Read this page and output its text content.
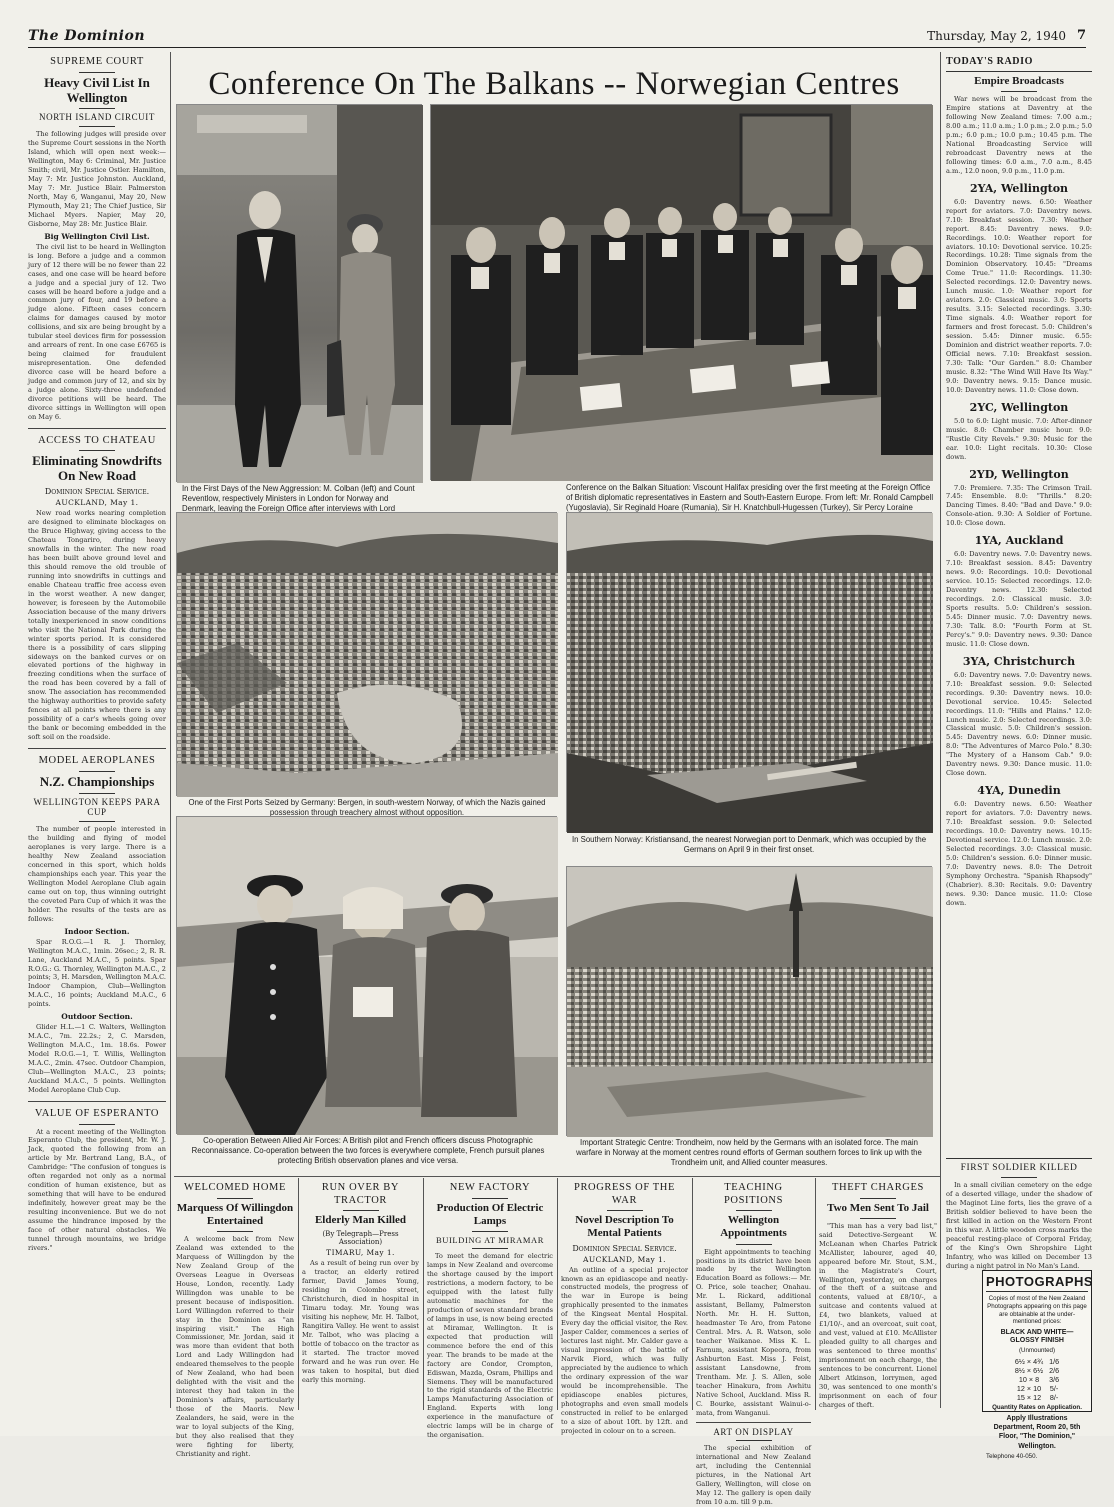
The Dominion	Thursday, May 2, 1940 7
SUPREME COURT
Heavy Civil List In Wellington
NORTH ISLAND CIRCUIT

The following judges will preside over the Supreme Court sessions in the North Island, which will open next week:— Wellington, May 6: Criminal, Mr. Justice Smith; civil, Mr. Justice Ostler. Hamilton, May 7: Mr. Justice Johnston. Auckland, May 7: Mr. Justice Blair. Palmerston North, May 6, Wanganui, May 20, New Plymouth, May 21; The Chief Justice, Sir Michael Myers. Napier, May 20, Gisborne, May 28: Mr. Justice Blair.

Big Wellington Civil List.

The civil list to be heard in Wellington is long. Before a judge and a common jury of 12 there will be no fewer than 22 cases, and one case will be heard before a judge and a special jury of 12. Two cases will be heard before a judge and a common jury of four, and 19 before a judge alone. Fifteen cases concern claims for damages caused by motor collisions, and six are being brought by a tubular steel devices firm for possession and arrears of rent. In one case £6765 is being claimed for fraudulent misrepresentation. One defended divorce case will be heard before a judge and common jury of 12, and six by a judge alone. Sixty-three undefended divorce petitions will be heard. The divorce sittings in Wellington will open on May 6.

ACCESS TO CHATEAU
Eliminating Snowdrifts On New Road
Dominion Special Service.
AUCKLAND, May 1.

New road works nearing completion are designed to eliminate blockages on the Bruce Highway, giving access to the Chateau Tongariro, during heavy snowfalls in the winter. The new road has been built above ground level and this should remove the old trouble of running into snowdrifts in cuttings and enable Chateau traffic free access even in the worst weather. A new danger, however, is foreseen by the Automobile Association because of the many drivers totally inexperienced in snow conditions who visit the National Park during the winter sports period. It is considered there is a possibility of cars slipping sideways on the banked curves or on elevated portions of the highway in freezing conditions when the surface of the road has been covered by a fall of snow. The association has recommended the highway authorities to provide safety fences at all points where there is any possibility of a car's wheels going over the bank or becoming embedded in the soft soil on the roadside.

MODEL AEROPLANES
N.Z. Championships
WELLINGTON KEEPS PARA CUP

The number of people interested in the building and flying of model aeroplanes is very large. There is a healthy New Zealand association concerned in this sport, which holds championships each year. This year the Wellington Model Aeroplane Club again came out on top, thus winning outright the coveted Para Cup of which it was the holder. The results of the tests are as follows:

Indoor Section.

Spar R.O.G.—1 R. J. Thornley, Wellington M.A.C., 1min. 26sec.; 2, R. R. Lane, Auckland M.A.C., 5 points. Spar R.O.G.: G. Thornley, Wellington M.A.C., 2 points; 3, H. Marsden, Wellington M.A.C. Indoor Champion, Club—Wellington M.A.C., 16 points; Auckland M.A.C., 6 points.

Outdoor Section.

Glider H.L.—1 C. Walters, Wellington M.A.C., 7m. 22.2s.; 2, C. Marsden, Wellington M.A.C., 1m. 18.6s. Power Model R.O.G.—1, T. Willis, Wellington M.A.C., 2min. 47sec. Outdoor Champion, Club—Wellington M.A.C., 23 points; Auckland M.A.C., 5 points. Wellington Model Aeroplane Club Cup.

VALUE OF ESPERANTO

At a recent meeting of the Wellington Esperanto Club, the president, Mr. W. J. Jack, quoted the following from an article by Mr. Bertrand Lang, B.A., of Cambridge: "The confusion of tongues is often regarded not only as a normal condition of human existence, but as something that will have to be endured indefinitely, however great may be the resulting inconvenience. But we do not assume the hindrance imposed by the face of other natural obstacles. We tunnel through mountains, we bridge rivers."

Conference On The Balkans -- Norwegian Centres
In the First Days of the New Aggression: M. Colban (left) and Count Reventlow, respectively Ministers in London for Norway and Denmark, leaving the Foreign Office after interviews with Lord
Conference on the Balkan Situation: Viscount Halifax presiding over the first meeting at the Foreign Office of British diplomatic representatives in Eastern and South-Eastern Europe. From left: Mr. Ronald Campbell (Yugoslavia), Sir Reginald Hoare (Rumania), Sir H. Knatchbull-Hugessen (Turkey), Sir Percy Loraine
One of the First Ports Seized by Germany: Bergen, in south-western Norway, of which the Nazis gained possession through treachery almost without opposition.
In Southern Norway: Kristiansand, the nearest Norwegian port to Denmark, which was occupied by the Germans on April 9 in their first onset.
Co-operation Between Allied Air Forces: A British pilot and French officers discuss Photographic Reconnaissance. Co-operation between the two forces is everywhere complete, French pursuit planes protecting British observation planes and vice versa.
Important Strategic Centre: Trondheim, now held by the Germans with an isolated force. The main warfare in Norway at the moment centres round efforts of German southern forces to link up with the Trondheim unit, and Allied counter measures.
WELCOMED HOME
Marquess Of Willingdon Entertained

A welcome back from New Zealand was extended to the Marquess of Willingdon by the New Zealand Group of the Overseas League in Overseas House, London, recently. Lady Willingdon was unable to be present because of indisposition. Lord Willingdon referred to their stay in the Dominion as "an inspiring visit." The High Commissioner, Mr. Jordan, said it was more than evident that both Lord and Lady Willingdon had endeared themselves to the people of New Zealand, who had been delighted with the visit and the interest they had taken in the Dominion's affairs, particularly those of the Maoris. New Zealanders, he said, were in the war to loyal subjects of the King, but they also realised that they were fighting for liberty, Christianity and right.

RUN OVER BY TRACTOR
Elderly Man Killed
(By Telegraph—Press Association)
TIMARU, May 1.

As a result of being run over by a tractor, an elderly retired farmer, David James Young, residing in Colombo street, Christchurch, died in hospital in Timaru today. Mr. Young was visiting his nephew, Mr. H. Talbot, Rangitira Valley. He went to assist Mr. Talbot, who was placing a bottle of tobacco on the tractor as it started. The tractor moved forward and he was run over. He was taken to hospital, but died early this morning.

NEW FACTORY
Production Of Electric Lamps
BUILDING AT MIRAMAR

To meet the demand for electric lamps in New Zealand and overcome the shortage caused by the import restrictions, a modern factory, to be equipped with the latest fully automatic machines for the production of seven standard brands of lamps in use, is now being erected at Miramar, Wellington. It is expected that production will commence before the end of this year. The brands to be made at the factory are Condor, Crompton, Ediswan, Mazda, Osram, Phillips and Siemens. They will be manufactured to the rigid standards of the Electric Lamps Manufacturing Association of England. Experts with long experience in the manufacture of electric lamps will be in charge of the organisation.

PROGRESS OF THE WAR
Novel Description To Mental Patients
Dominion Special Service.
AUCKLAND, May 1.

An outline of a special projector known as an epidiascope and neatly-constructed models, the progress of the war in Europe is being graphically presented to the inmates of the Kingseat Mental Hospital. Every day the official visitor, the Rev. Jasper Calder, commences a series of lectures last night. Mr. Calder gave a visual impression of the battle of Narvik Fiord, which was fully appreciated by the audience to which the ordinary expression of the war would be incomprehensible. The epidiascope enables pictures, photographs and even small models constructed in relief to be enlarged to a size of about 10ft. by 12ft. and projected in colour on to a screen.

TEACHING POSITIONS
Wellington Appointments

Eight appointments to teaching positions in its district have been made by the Wellington Education Board as follows:— Mr. O. Price, sole teacher, Onahau. Mr. L. Rickard, additional assistant, Bellamy, Palmerston North. Mr. H. H. Sutton, headmaster Te Aro, from Patone Central. Mrs. A. R. Watson, sole teacher Waikanae. Miss K. L. Farnum, assistant Kopeora, from Ashburton East. Miss J. Feist, assistant Lansdowne, from Trentham. Mr. J. S. Allen, sole teacher Hinakura, from Awhitu Native School, Auckland. Miss R. C. Bourke, assistant Wainui-o-mata, from Wanganui.

ART ON DISPLAY

The special exhibition of international and New Zealand art, including the Centennial pictures, in the National Art Gallery, Wellington, will close on May 12. The gallery is open daily from 10 a.m. till 9 p.m.

THEFT CHARGES
Two Men Sent To Jail

"This man has a very bad list," said Detective-Sergeant W. McLeanan when Charles Patrick McAllister, labourer, aged 40, appeared before Mr. Stout, S.M., in the Magistrate's Court, Wellington, yesterday, on charges of the theft of a suitcase and contents, valued at £8/10/-, a suitcase and contents valued at £4, two blankets, valued at £1/10/-, and an overcoat, suit coat, and vest, valued at £10. McAllister pleaded guilty to all charges and was sentenced to three months' imprisonment on each charge, the sentences to be concurrent. Lionel Albert Atkinson, lorrymen, aged 30, was sentenced to one month's imprisonment on each of four charges of theft.

TODAY'S RADIO
Empire Broadcasts

War news will be broadcast from the Empire stations at Daventry at the following New Zealand times: 7.00 a.m.; 8.00 a.m.; 11.0 a.m.; 1.0 p.m.; 2.0 p.m.; 5.0 p.m.; 6.0 p.m.; 10.0 p.m.; 10.45 p.m. The National Broadcasting Service will rebroadcast Daventry news at the following times: 6.0 a.m., 7.0 a.m., 8.45 a.m., 12.0 noon, 9.0 p.m., 11.0 p.m.

2YA, Wellington

6.0: Daventry news. 6.50: Weather report for aviators. 7.0: Daventry news. 7.10: Breakfast session. 7.30: Weather report. 8.45: Daventry news. 9.0: Recordings. 10.0: Weather report for aviators. 10.10: Devotional service. 10.25: Recordings. 10.28: Time signals from the Dominion Observatory. 10.45: "Dreams Come True." 11.0: Recordings. 11.30: Selected recordings. 12.0: Daventry news. Lunch music. 1.0: Weather report for aviators. 2.0: Classical music. 3.0: Sports results. 3.15: Selected recordings. 3.30: Time signals. 4.0: Weather report for farmers and frost forecast. 5.0: Children's session. 5.45: Dinner music. 6.55: Dominion and district weather reports. 7.0: Official news. 7.10: Breakfast session. 7.30: Talk: "Our Garden." 8.0: Chamber music. 8.32: "The Wind Will Have Its Way." 9.0: Daventry news. 9.15: Dance music. 10.0: Daventry news. 11.0: Close down.

2YC, Wellington

5.0 to 6.0: Light music. 7.0: After-dinner music. 8.0: Chamber music hour. 9.0: "Rustle City Revels." 9.30: Music for the ear. 10.0: Light recitals. 10.30: Close down.

2YD, Wellington

7.0: Premiere. 7.35: The Crimson Trail. 7.45: Ensemble. 8.0: "Thrills." 8.20: Dancing Times. 8.40: "Bad and Dave." 9.0: Console-ation. 9.30: A Soldier of Fortune. 10.0: Close down.

1YA, Auckland

6.0: Daventry news. 7.0: Daventry news. 7.10: Breakfast session. 8.45: Daventry news. 9.0: Recordings. 10.0: Devotional service. 10.15: Selected recordings. 12.0: Daventry news. 12.30: Selected recordings. 2.0: Classical music. 3.0: Sports results. 5.0: Children's session. 5.45: Dinner music. 7.0: Daventry news. 7.30: Talk. 8.0: "Fourth Form at St. Percy's." 9.0: Daventry news. 9.30: Dance music. 11.0: Close down.

3YA, Christchurch

6.0: Daventry news. 7.0: Daventry news. 7.10: Breakfast session. 9.0: Selected recordings. 9.30: Daventry news. 10.0: Devotional service. 10.45: Selected recordings. 11.0: "Hills and Plains." 12.0: Lunch music. 2.0: Selected recordings. 3.0: Classical music. 5.0: Children's session. 5.45: Daventry news. 6.0: Dinner music. 8.0: "The Adventures of Marco Polo." 8.30: "The Mystery of a Hansom Cab." 9.0: Daventry news. 9.30: Dance music. 11.0: Close down.

4YA, Dunedin

6.0: Daventry news. 6.50: Weather report for aviators. 7.0: Daventry news. 7.10: Breakfast session. 9.0: Selected recordings. 10.0: Daventry news. 10.15: Devotional service. 12.0: Lunch music. 2.0: Selected recordings. 3.0: Classical music. 5.0: Children's session. 6.0: Dinner music. 7.0: Daventry news. 8.0: The Detroit Symphony Orchestra. "Spanish Rhapsody" (Chabrier). 8.30: Recitals. 9.0: Daventry news. 9.30: Dance music. 11.0: Close down.

FIRST SOLDIER KILLED

In a small civilian cemetery on the edge of a deserted village, under the shadow of the Maginot Line forts, lies the grave of a British soldier believed to have been the first killed in action on the Western Front in this war. A little wooden cross marks the peaceful resting-place of Corporal Friday, of the King's Own Shropshire Light Infantry, who was killed on December 13 during a night patrol in No Man's Land.

PHOTOGRAPHS
Copies of most of the New Zealand Photographs appearing on this page are obtainable at the under-mentioned prices:
BLACK AND WHITE—GLOSSY FINISH
(Unmounted)
6½ × 4¾	1/6
8½ × 6½	2/6
10 × 8	3/6
12 × 10	5/-
15 × 12	8/-
Quantity Rates on Application.
Apply Illustrations Department, Room 20, 5th Floor, "The Dominion," Wellington.
Telephone 40-050.
